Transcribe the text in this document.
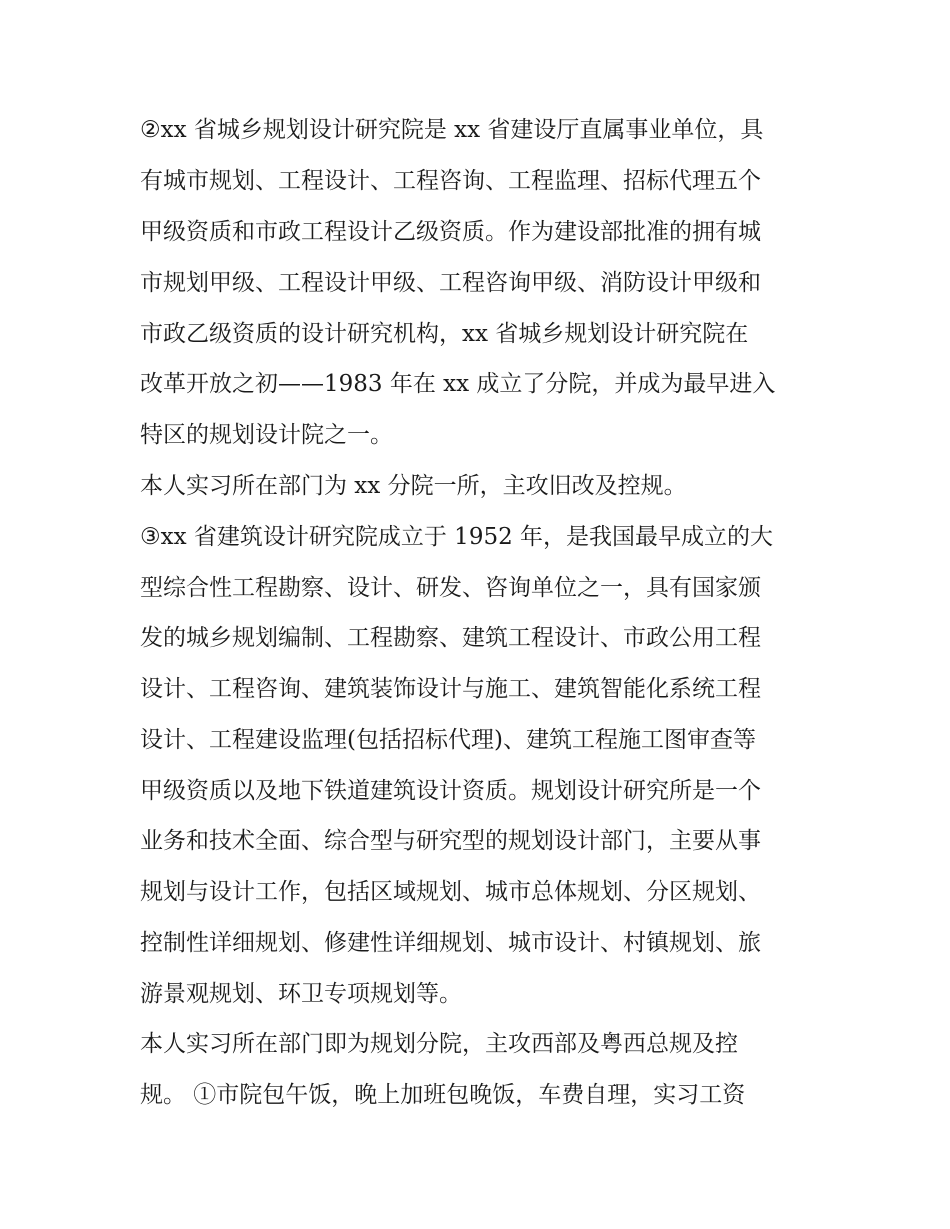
②xx 省城乡规划设计研究院是 xx 省建设厅直属事业单位，具

有城市规划、工程设计、工程咨询、工程监理、招标代理五个

甲级资质和市政工程设计乙级资质。作为建设部批准的拥有城

市规划甲级、工程设计甲级、工程咨询甲级、消防设计甲级和

市政乙级资质的设计研究机构，xx 省城乡规划设计研究院在

改革开放之初——1983 年在 xx 成立了分院，并成为最早进入

特区的规划设计院之一。

本人实习所在部门为 xx 分院一所，主攻旧改及控规。

③xx 省建筑设计研究院成立于 1952 年，是我国最早成立的大

型综合性工程勘察、设计、研发、咨询单位之一，具有国家颁

发的城乡规划编制、工程勘察、建筑工程设计、市政公用工程

设计、工程咨询、建筑装饰设计与施工、建筑智能化系统工程

设计、工程建设监理(包括招标代理)、建筑工程施工图审查等

甲级资质以及地下铁道建筑设计资质。规划设计研究所是一个

业务和技术全面、综合型与研究型的规划设计部门，主要从事

规划与设计工作，包括区域规划、城市总体规划、分区规划、

控制性详细规划、修建性详细规划、城市设计、村镇规划、旅

游景观规划、环卫专项规划等。

本人实习所在部门即为规划分院，主攻西部及粤西总规及控

规。 ①市院包午饭，晚上加班包晚饭，车费自理，实习工资
